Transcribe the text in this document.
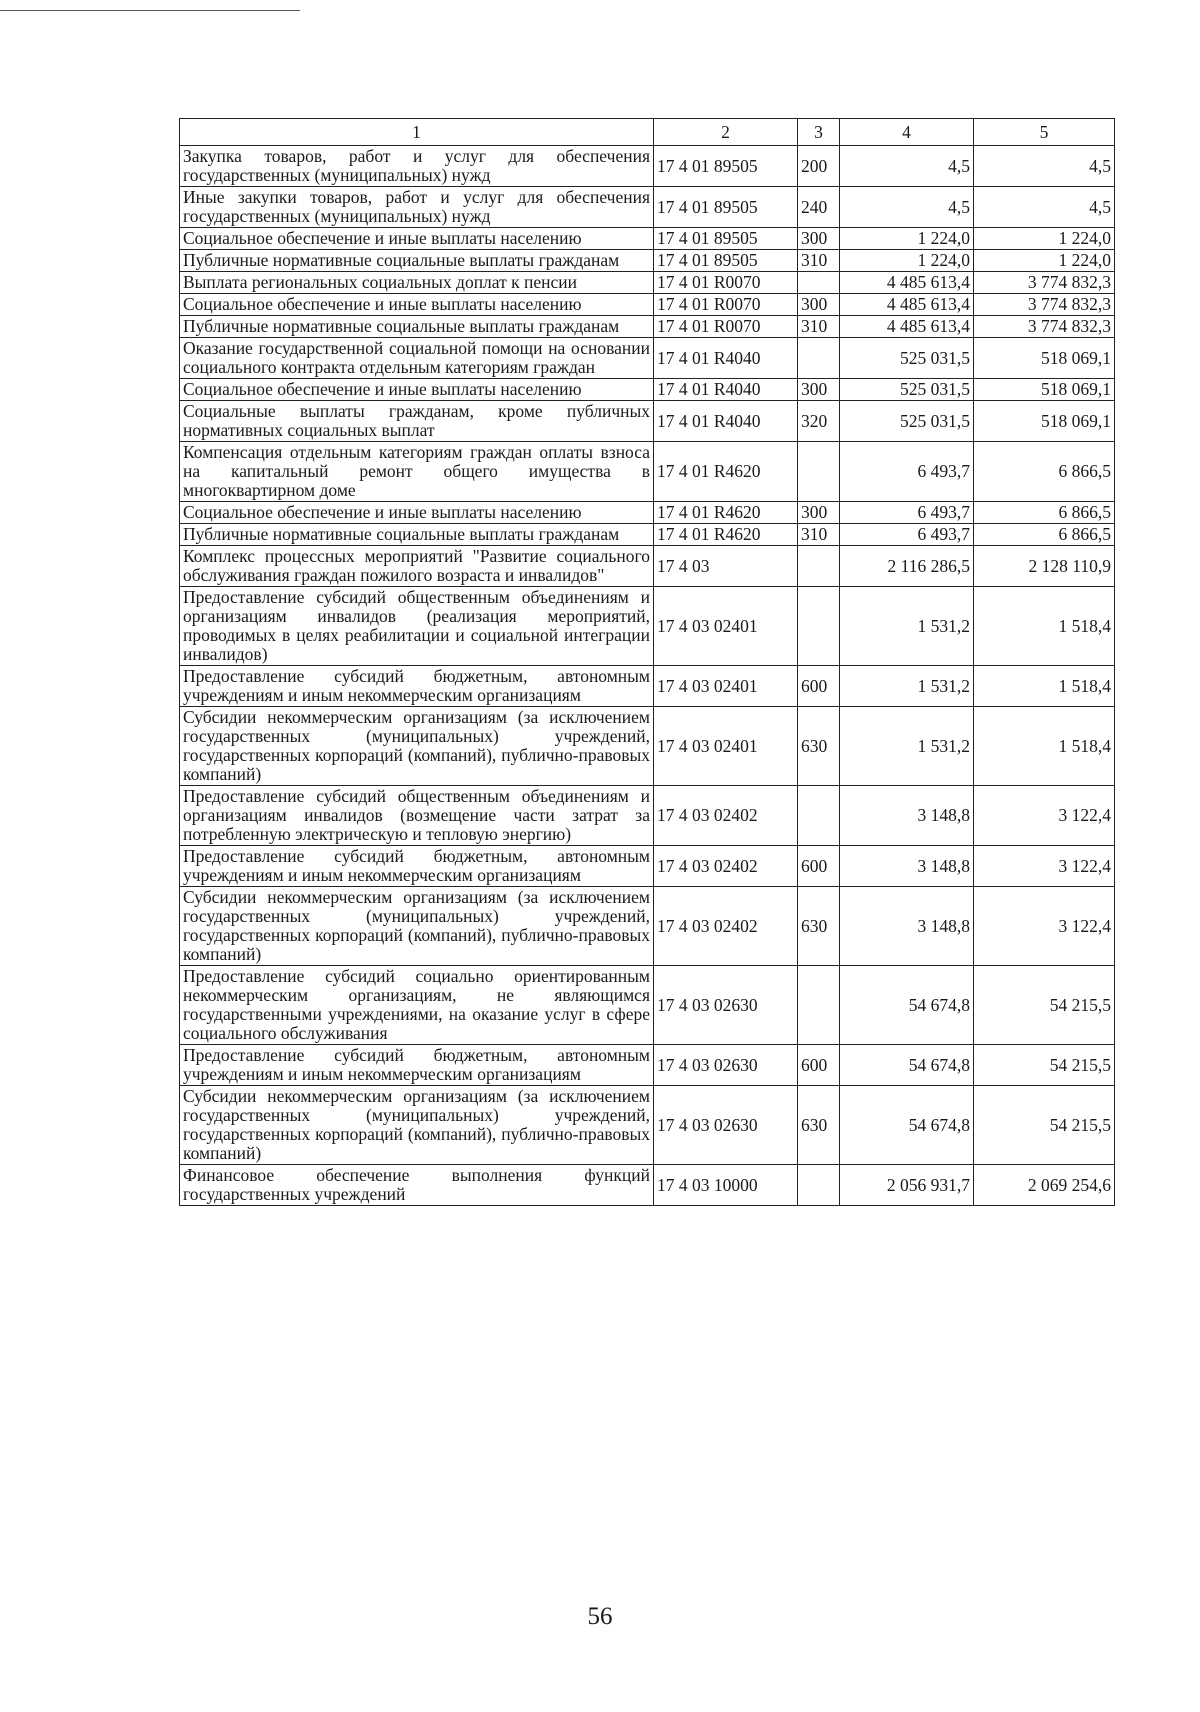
1	2	3	4	5
Закупка товаров, работ и услуг для обеспечения государственных (муниципальных) нужд	17 4 01 89505	200	4,5	4,5
Иные закупки товаров, работ и услуг для обеспечения государственных (муниципальных) нужд	17 4 01 89505	240	4,5	4,5
Социальное обеспечение и иные выплаты населению	17 4 01 89505	300	1 224,0	1 224,0
Публичные нормативные социальные выплаты гражданам	17 4 01 89505	310	1 224,0	1 224,0
Выплата региональных социальных доплат к пенсии	17 4 01 R0070		4 485 613,4	3 774 832,3
Социальное обеспечение и иные выплаты населению	17 4 01 R0070	300	4 485 613,4	3 774 832,3
Публичные нормативные социальные выплаты гражданам	17 4 01 R0070	310	4 485 613,4	3 774 832,3
Оказание государственной социальной помощи на основании социального контракта отдельным категориям граждан	17 4 01 R4040		525 031,5	518 069,1
Социальное обеспечение и иные выплаты населению	17 4 01 R4040	300	525 031,5	518 069,1
Социальные выплаты гражданам, кроме публичных нормативных социальных выплат	17 4 01 R4040	320	525 031,5	518 069,1
Компенсация отдельным категориям граждан оплаты взноса на капитальный ремонт общего имущества в многоквартирном доме	17 4 01 R4620		6 493,7	6 866,5
Социальное обеспечение и иные выплаты населению	17 4 01 R4620	300	6 493,7	6 866,5
Публичные нормативные социальные выплаты гражданам	17 4 01 R4620	310	6 493,7	6 866,5
Комплекс процессных мероприятий "Развитие социального обслуживания граждан пожилого возраста и инвалидов"	17 4 03		2 116 286,5	2 128 110,9
Предоставление субсидий общественным объединениям и организациям инвалидов (реализация мероприятий, проводимых в целях реабилитации и социальной интеграции инвалидов)	17 4 03 02401		1 531,2	1 518,4
Предоставление субсидий бюджетным, автономным учреждениям и иным некоммерческим организациям	17 4 03 02401	600	1 531,2	1 518,4
Субсидии некоммерческим организациям (за исключением государственных (муниципальных) учреждений, государственных корпораций (компаний), публично-правовых компаний)	17 4 03 02401	630	1 531,2	1 518,4
Предоставление субсидий общественным объединениям и организациям инвалидов (возмещение части затрат за потребленную электрическую и тепловую энергию)	17 4 03 02402		3 148,8	3 122,4
Предоставление субсидий бюджетным, автономным учреждениям и иным некоммерческим организациям	17 4 03 02402	600	3 148,8	3 122,4
Субсидии некоммерческим организациям (за исключением государственных (муниципальных) учреждений, государственных корпораций (компаний), публично-правовых компаний)	17 4 03 02402	630	3 148,8	3 122,4
Предоставление субсидий социально ориентированным некоммерческим организациям, не являющимся государственными учреждениями, на оказание услуг в сфере социального обслуживания	17 4 03 02630		54 674,8	54 215,5
Предоставление субсидий бюджетным, автономным учреждениям и иным некоммерческим организациям	17 4 03 02630	600	54 674,8	54 215,5
Субсидии некоммерческим организациям (за исключением государственных (муниципальных) учреждений, государственных корпораций (компаний), публично-правовых компаний)	17 4 03 02630	630	54 674,8	54 215,5
Финансовое обеспечение выполнения функций государственных учреждений	17 4 03 10000		2 056 931,7	2 069 254,6
56
